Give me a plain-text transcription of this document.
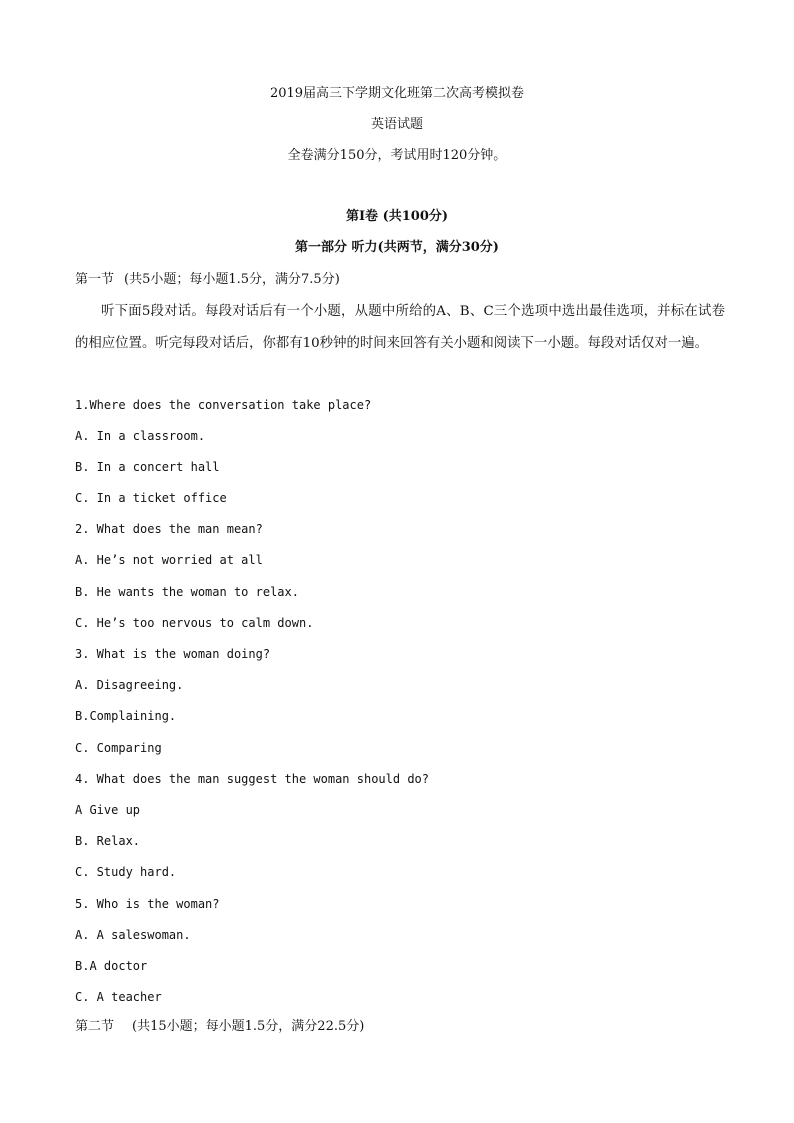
2019届高三下学期文化班第二次高考模拟卷
英语试题
全卷满分150分，考试用时120分钟。
第I卷 (共100分)
第一部分 听力(共两节，满分30分)
第一节 (共5小题；每小题1.5分，满分7.5分)
听下面5段对话。每段对话后有一个小题，从题中所给的A、B、C三个选项中选出最佳选项，并标在试卷的相应位置。听完每段对话后，你都有10秒钟的时间来回答有关小题和阅读下一小题。每段对话仅对一遍。
1.Where does the conversation take place?
A. In a classroom.
B. In a concert hall
C. In a ticket office
2. What does the man mean?
A. He’s not worried at all
B. He wants the woman to relax.
C. He’s too nervous to calm down.
3. What is the woman doing?
A. Disagreeing.
B.Complaining.
C. Comparing
4. What does the man suggest the woman should do?
A Give up
B. Relax.
C. Study hard.
5. Who is the woman?
A. A saleswoman.
B.A doctor
C. A teacher
第二节 (共15小题；每小题1.5分，满分22.5分)
